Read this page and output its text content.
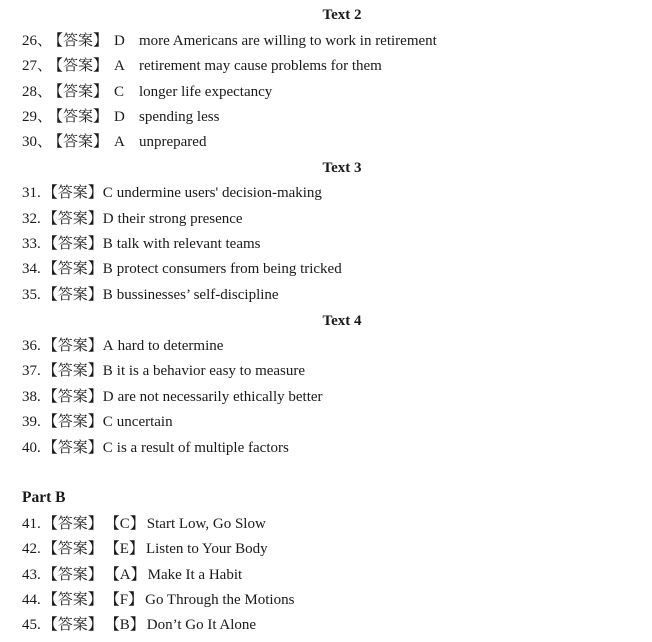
Text 2
26、【答案】 D more Americans are willing to work in retirement
27、【答案】 A retirement may cause problems for them
28、【答案】 C longer life expectancy
29、【答案】 D spending less
30、【答案】 A unprepared
Text 3
31. 【答案】C undermine users' decision-making
32. 【答案】D their strong presence
33. 【答案】B talk with relevant teams
34. 【答案】B protect consumers from being tricked
35. 【答案】B bussinesses’ self-discipline
Text 4
36. 【答案】A hard to determine
37. 【答案】B it is a behavior easy to measure
38. 【答案】D are not necessarily ethically better
39. 【答案】C uncertain
40. 【答案】C is a result of multiple factors
Part B
41. 【答案】 【C】 Start Low, Go Slow
42. 【答案】 【E】 Listen to Your Body
43. 【答案】 【A】 Make It a Habit
44. 【答案】 【F】 Go Through the Motions
45. 【答案】 【B】 Don’t Go It Alone
